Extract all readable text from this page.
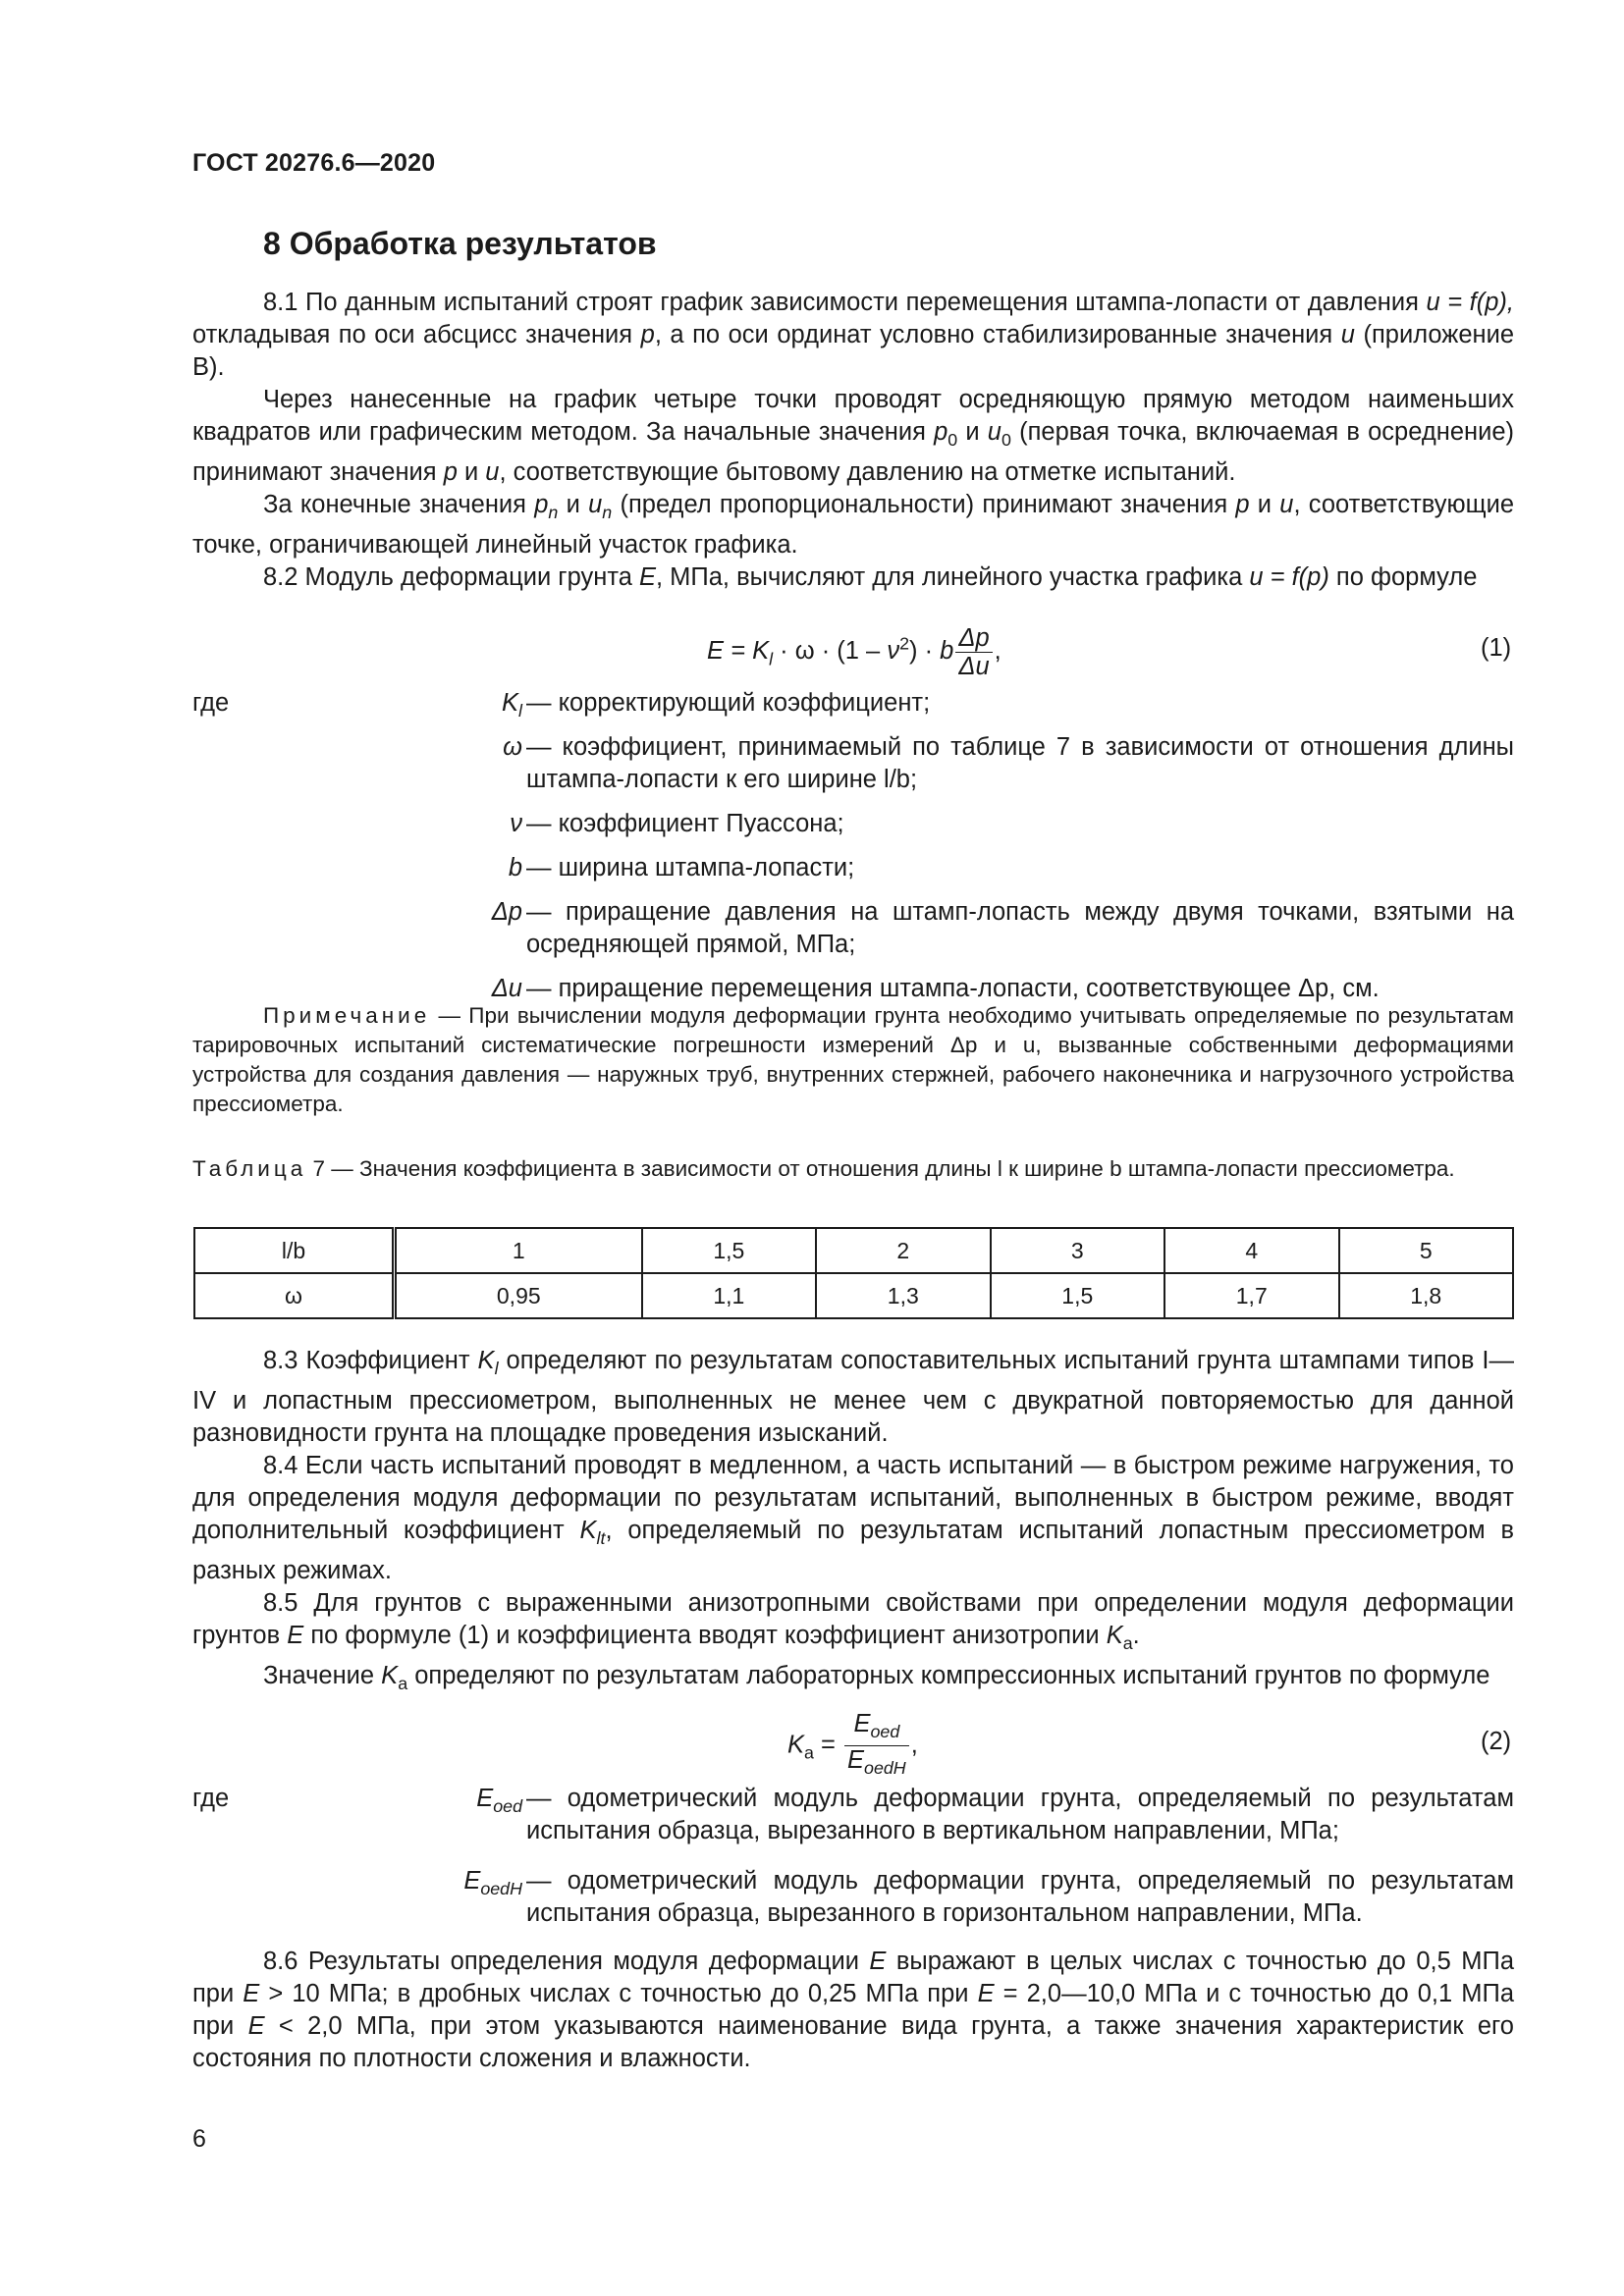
ГОСТ 20276.6—2020
8 Обработка результатов

8.1 По данным испытаний строят график зависимости перемещения штампа-лопасти от давления u = f(p), откладывая по оси абсцисс значения p, а по оси ординат условно стабилизированные значения u (приложение В).

Через нанесенные на график четыре точки проводят осредняющую прямую методом наименьших квадратов или графическим методом. За начальные значения $p_0$ и $u_0$ (первая точка, включаемая в осреднение) принимают значения p и u, соответствующие бытовому давлению на отметке испытаний.

За конечные значения $p_n$ и $u_n$ (предел пропорциональности) принимают значения p и u, соответствующие точке, ограничивающей линейный участок графика.

8.2 Модуль деформации грунта E, МПа, вычисляют для линейного участка графика u = f(p) по формуле

$E = K_l \cdot \omega \cdot (1 - \nu^2) \cdot b \frac{\Delta p}{\Delta u}$ ,	(1)
где	$K_l$ — корректирующий коэффициент;
ω — коэффициент, принимаемый по таблице 7 в зависимости от отношения длины штампа-лопасти к его ширине l/b;
ν — коэффициент Пуассона;
b — ширина штампа-лопасти;
Δp — приращение давления на штамп-лопасть между двумя точками, взятыми на осредняющей прямой, МПа;
Δu — приращение перемещения штампа-лопасти, соответствующее Δp, см.
Примечание — При вычислении модуля деформации грунта необходимо учитывать определяемые по результатам тарировочных испытаний систематические погрешности измерений Δp и u, вызванные собственными деформациями устройства для создания давления — наружных труб, внутренних стержней, рабочего наконечника и нагрузочного устройства прессиометра.
Таблица 7 — Значения коэффициента в зависимости от отношения длины l к ширине b штампа-лопасти прессиометра.
l/b	1	1,5	2	3	4	5
ω	0,95	1,1	1,3	1,5	1,7	1,8

8.3 Коэффициент $K_l$ определяют по результатам сопоставительных испытаний грунта штампами типов I—IV и лопастным прессиометром, выполненных не менее чем с двукратной повторяемостью для данной разновидности грунта на площадке проведения изысканий.

8.4 Если часть испытаний проводят в медленном, а часть испытаний — в быстром режиме нагружения, то для определения модуля деформации по результатам испытаний, выполненных в быстром режиме, вводят дополнительный коэффициент $K_{lt}$, определяемый по результатам испытаний лопастным прессиометром в разных режимах.

8.5 Для грунтов с выраженными анизотропными свойствами при определении модуля деформации грунтов E по формуле (1) и коэффициента вводят коэффициент анизотропии $K_a$.

Значение $K_a$ определяют по результатам лабораторных компрессионных испытаний грунтов по формуле

$K_a = \frac{E_{oed}}{E_{oedH}}$ ,	(2)
где	$E_{oed}$ — одометрический модуль деформации грунта, определяемый по результатам испытания образца, вырезанного в вертикальном направлении, МПа;
$E_{oedH}$ — одометрический модуль деформации грунта, определяемый по результатам испытания образца, вырезанного в горизонтальном направлении, МПа.

8.6 Результаты определения модуля деформации E выражают в целых числах с точностью до 0,5 МПа при E > 10 МПа; в дробных числах с точностью до 0,25 МПа при E = 2,0—10,0 МПа и с точностью до 0,1 МПа при E < 2,0 МПа, при этом указываются наименование вида грунта, а также значения характеристик его состояния по плотности сложения и влажности.

6
